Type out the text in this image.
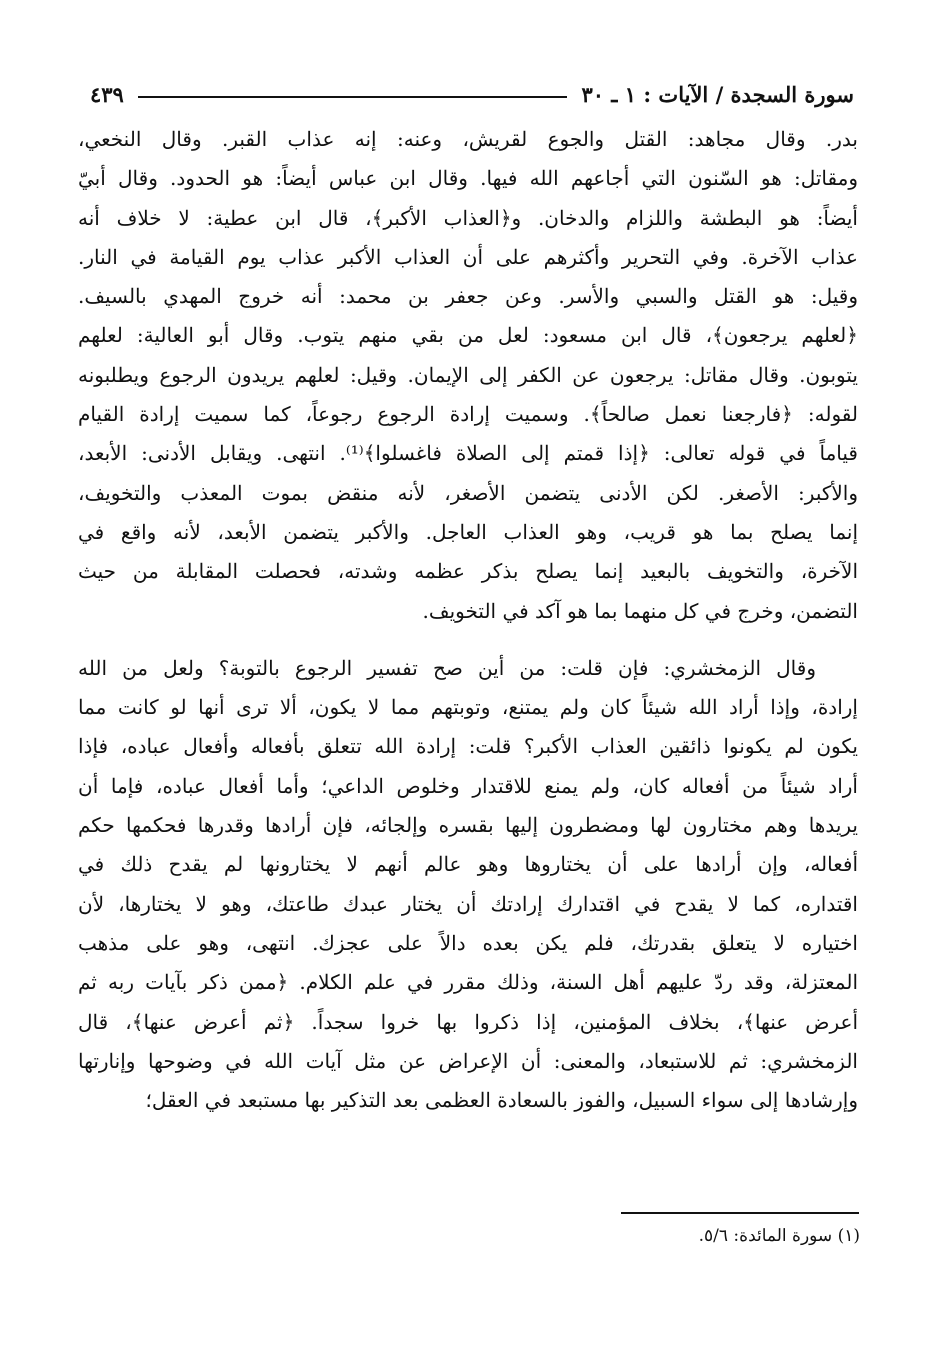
سورة السجدة / الآيات : ١ ـ ٣٠
٤٣٩
بدر. وقال مجاهد: القتل والجوع لقريش، وعنه: إنه عذاب القبر. وقال النخعي،
ومقاتل: هو السّنون التي أجاعهم الله فيها. وقال ابن عباس أيضاً: هو الحدود. وقال أبيّ
أيضاً: هو البطشة واللزام والدخان. و﴿العذاب الأكبر﴾، قال ابن عطية: لا خلاف أنه
عذاب الآخرة. وفي التحرير وأكثرهم على أن العذاب الأكبر عذاب يوم القيامة في النار.
وقيل: هو القتل والسبي والأسر. وعن جعفر بن محمد: أنه خروج المهدي بالسيف.
﴿لعلهم يرجعون﴾، قال ابن مسعود: لعل من بقي منهم يتوب. وقال أبو العالية: لعلهم
يتوبون. وقال مقاتل: يرجعون عن الكفر إلى الإيمان. وقيل: لعلهم يريدون الرجوع ويطلبونه
لقوله: ﴿فارجعنا نعمل صالحاً﴾. وسميت إرادة الرجوع رجوعاً، كما سميت إرادة القيام
قياماً في قوله تعالى: ﴿إذا قمتم إلى الصلاة فاغسلوا﴾⁽¹⁾. انتهى. ويقابل الأدنى: الأبعد،
والأكبر: الأصغر. لكن الأدنى يتضمن الأصغر، لأنه منقض بموت المعذب والتخويف،
إنما يصلح بما هو قريب، وهو العذاب العاجل. والأكبر يتضمن الأبعد، لأنه واقع في
الآخرة، والتخويف بالبعيد إنما يصلح بذكر عظمه وشدته، فحصلت المقابلة من حيث
التضمن، وخرج في كل منهما بما هو آكد في التخويف.
وقال الزمخشري: فإن قلت: من أين صح تفسير الرجوع بالتوبة؟ ولعل من الله
إرادة، وإذا أراد الله شيئاً كان ولم يمتنع، وتوبتهم مما لا يكون، ألا ترى أنها لو كانت مما
يكون لم يكونوا ذائقين العذاب الأكبر؟ قلت: إرادة الله تتعلق بأفعاله وأفعال عباده، فإذا
أراد شيئاً من أفعاله كان، ولم يمنع للاقتدار وخلوص الداعي؛ وأما أفعال عباده، فإما أن
يريدها وهم مختارون لها ومضطرون إليها بقسره وإلجائه، فإن أرادها وقدرها فحكمها حكم
أفعاله، وإن أرادها على أن يختاروها وهو عالم أنهم لا يختارونها لم يقدح ذلك في
اقتداره، كما لا يقدح في اقتدارك إرادتك أن يختار عبدك طاعتك، وهو لا يختارها، لأن
اختياره لا يتعلق بقدرتك، فلم يكن بعده دالاً على عجزك. انتهى، وهو على مذهب
المعتزلة، وقد ردّ عليهم أهل السنة، وذلك مقرر في علم الكلام. ﴿ممن ذكر بآيات ربه ثم
أعرض عنها﴾، بخلاف المؤمنين، إذا ذكروا بها خروا سجداً. ﴿ثم أعرض عنها﴾، قال
الزمخشري: ثم للاستبعاد، والمعنى: أن الإعراض عن مثل آيات الله في وضوحها وإنارتها
وإرشادها إلى سواء السبيل، والفوز بالسعادة العظمى بعد التذكير بها مستبعد في العقل؛
(١) سورة المائدة: ٥/٦.
